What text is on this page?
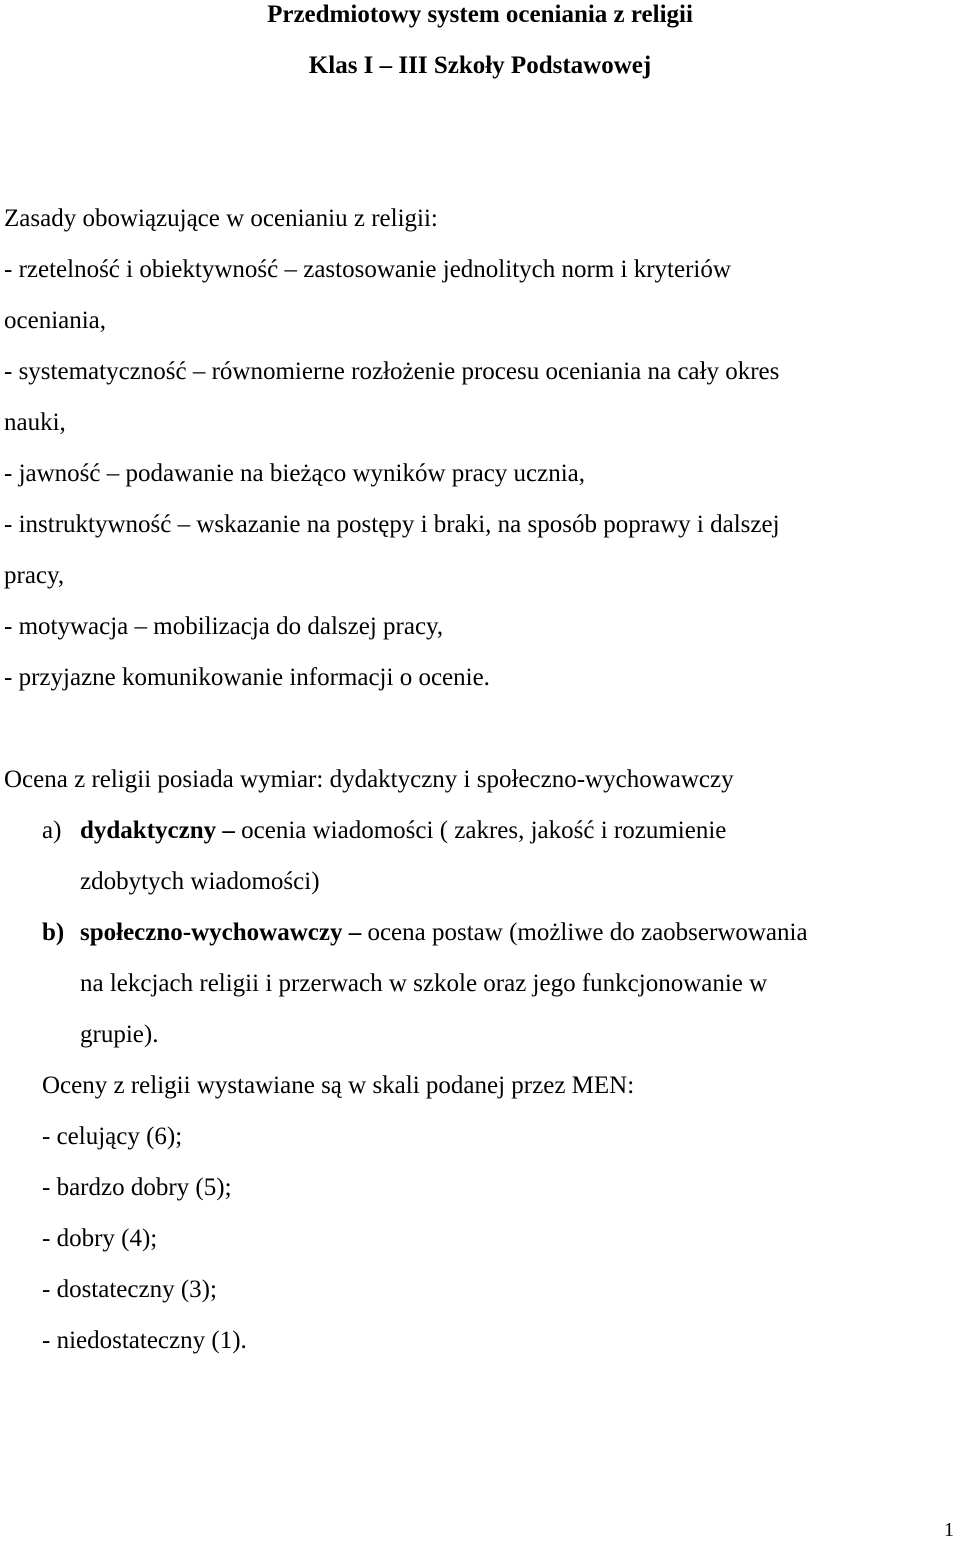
Przedmiotowy system oceniania z religii
Klas I – III Szkoły Podstawowej
Zasady obowiązujące w ocenianiu z religii:
- rzetelność i obiektywność – zastosowanie jednolitych norm i kryteriów
oceniania,
- systematyczność – równomierne rozłożenie procesu oceniania na cały okres
nauki,
- jawność – podawanie na bieżąco wyników pracy ucznia,
- instruktywność – wskazanie na postępy i braki, na sposób poprawy i dalszej
pracy,
- motywacja – mobilizacja do dalszej pracy,
- przyjazne komunikowanie informacji o ocenie.
Ocena z religii posiada wymiar: dydaktyczny i społeczno-wychowawczy
a) dydaktyczny – ocenia wiadomości ( zakres, jakość i rozumienie
zdobytych wiadomości)
b) społeczno-wychowawczy – ocena postaw (możliwe do zaobserwowania
na lekcjach religii i przerwach w szkole oraz jego funkcjonowanie w
grupie).
Oceny z religii wystawiane są w skali podanej przez MEN:
- celujący (6);
- bardzo dobry (5);
- dobry (4);
- dostateczny (3);
- niedostateczny (1).
1
